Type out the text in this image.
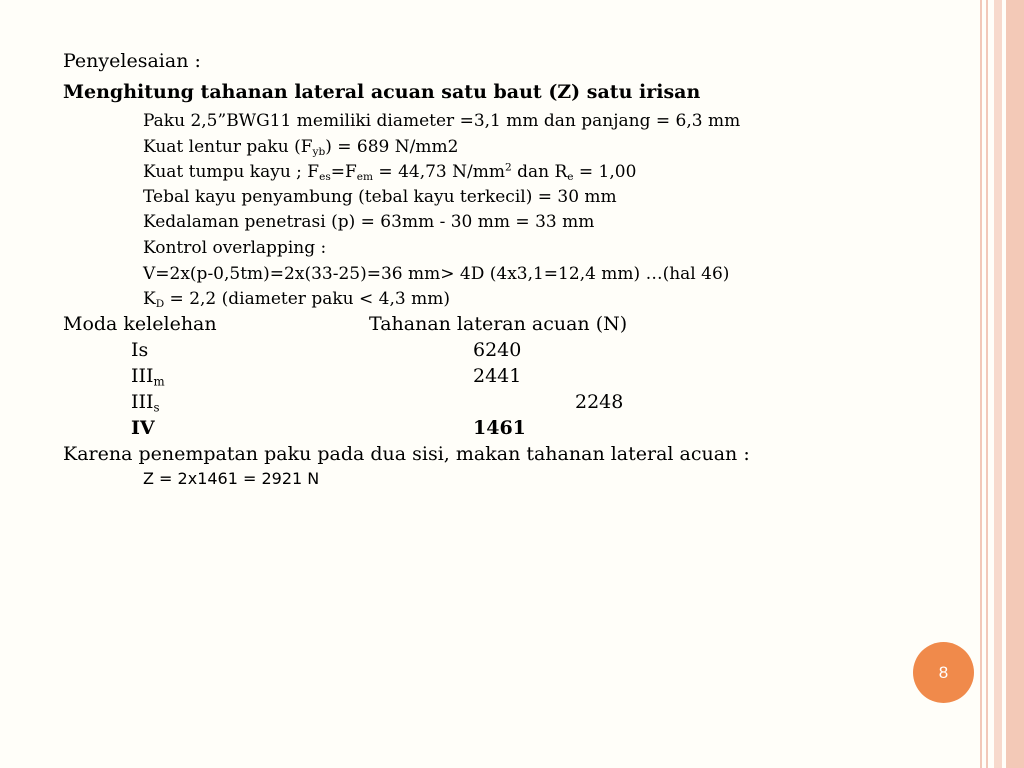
Penyelesaian :
Menghitung tahanan lateral acuan satu baut (Z) satu irisan
Paku 2,5”BWG11 memiliki diameter =3,1 mm dan panjang = 6,3 mm
Kuat lentur paku $(F_{yb}) = 689$ N/mm2
Kuat tumpu kayu ; $F_{es}=F_{em} = 44,73$ $N/mm^2$ dan $R_e = 1,00$
Tebal kayu penyambung (tebal kayu terkecil) = 30 mm
Kedalaman penetrasi (p) = 63mm - 30 mm = 33 mm
Kontrol overlapping :
V=2x(p-0,5tm)=2x(33-25)=36 mm> 4D (4x3,1=12,4 mm) …(hal 46)
$K_D = 2,2$ (diameter paku < 4,3 mm)
Moda kelelehan	Tahanan lateran acuan (N)
Is	6240
$III_m$	2441
$III_s$	2248
IV	1461
Karena penempatan paku pada dua sisi, makan tahanan lateral acuan :
Z = 2x1461 = 2921 N
8
